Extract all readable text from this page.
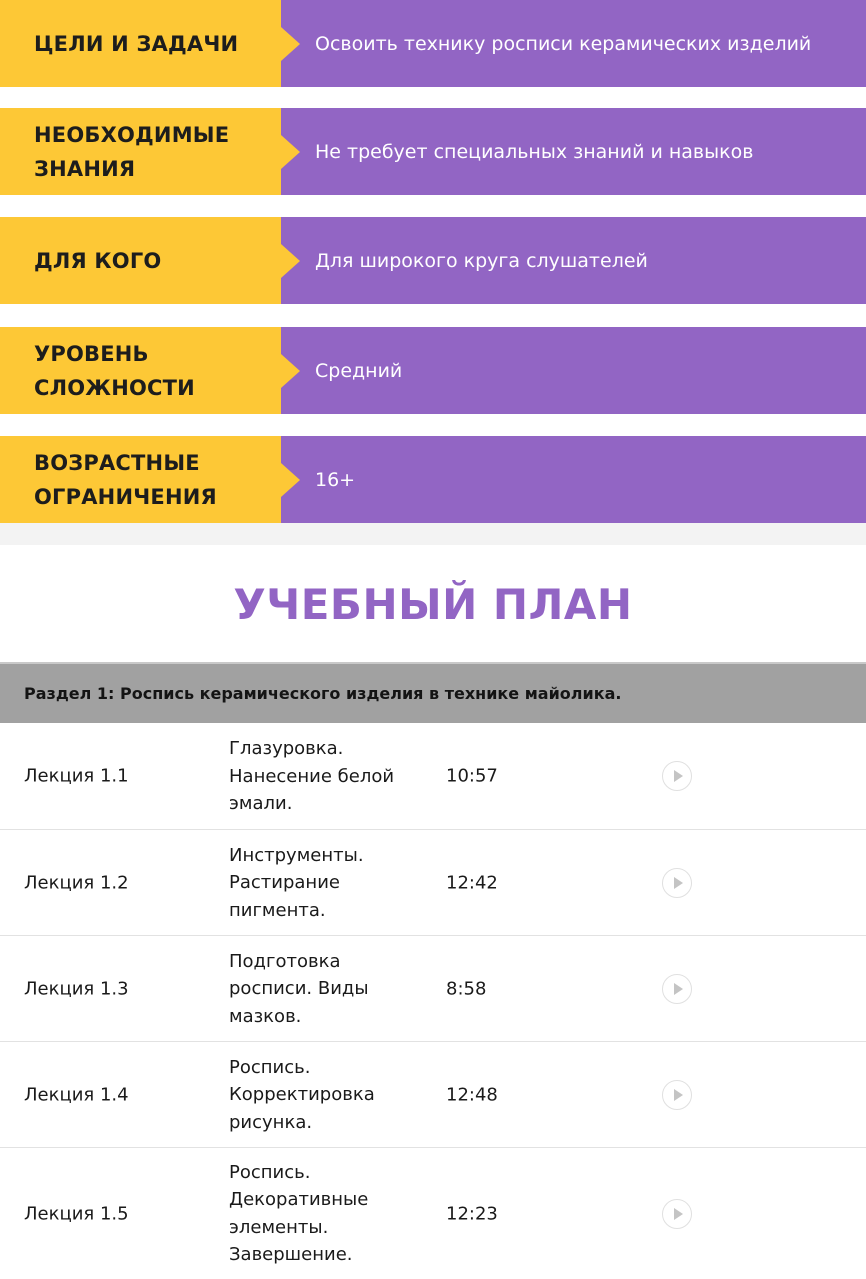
ЦЕЛИ И ЗАДАЧИ	Освоить технику росписи керамических изделий
НЕОБХОДИМЫЕ ЗНАНИЯ
Не требует специальных знаний и навыков
ДЛЯ КОГО	Для широкого круга слушателей
УРОВЕНЬ СЛОЖНОСТИ
Средний
ВОЗРАСТНЫЕ ОГРАНИЧЕНИЯ
16+
УЧЕБНЫЙ ПЛАН
Раздел 1: Роспись керамического изделия в технике майолика.
Лекция 1.1
Глазуровка. Нанесение белой эмали.
10:57
Лекция 1.2
Инструменты. Растирание пигмента.
12:42
Лекция 1.3
Подготовка росписи. Виды мазков.
8:58
Лекция 1.4
Роспись. Корректировка рисунка.
12:48
Лекция 1.5
Роспись. Декоративные элементы. Завершение.
12:23
